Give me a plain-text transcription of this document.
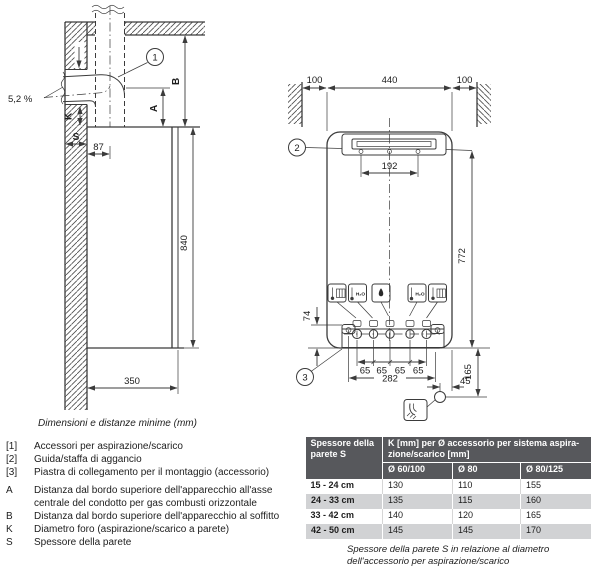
K
S
87
A
B
840
350
5,2 %
1
100	440	100
192
2
772
H₂O	H₂O
74
65 65 65 65
282	45
165
3
Dimensioni e distanze minime (mm)
[1]	Accessori per aspirazione/scarico
[2]	Guida/staffa di aggancio
[3]	Piastra di collegamento per il montaggio (accessorio)
A	Distanza dal bordo superiore dell'apparecchio all'asse centrale del condotto per gas combusti orizzontale
B	Distanza dal bordo superiore dell'apparecchio al soffitto
K	Diametro foro (aspirazione/scarico a parete)
S	Spessore della parete
Spessore della parete S	K [mm] per Ø accessorio per sistema aspira-
zione/scarico [mm]		

	Ø 60/100	Ø 80	Ø 80/125
15 - 24 cm	130	110	155
24 - 33 cm	135	115	160
33 - 42 cm	140	120	165
42 - 50 cm	145	145	170
Spessore della parete S in relazione al diametro dell'accessorio per aspirazione/scarico
